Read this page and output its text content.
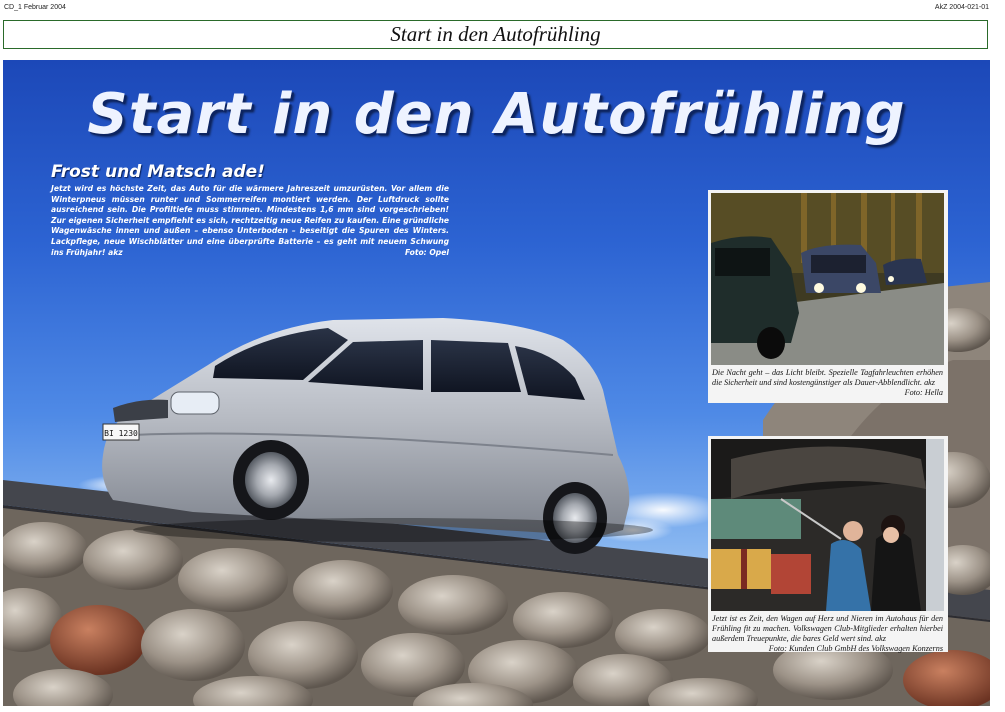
CD_1 Februar 2004	AkZ 2004-021-01
Start in den Autofrühling
BI 1230
Start in den Autofrühling
Frost und Matsch ade!
Jetzt wird es höchste Zeit, das Auto für die wärmere Jahreszeit umzurüsten. Vor allem die Winterpneus müssen runter und Sommerreifen montiert werden. Der Luftdruck sollte ausreichend sein. Die Profiltiefe muss stimmen. Mindestens 1,6 mm sind vorgeschrieben! Zur eigenen Sicherheit empfiehlt es sich, rechtzeitig neue Reifen zu kaufen. Eine gründliche Wagenwäsche innen und außen – ebenso Unterboden – beseitigt die Spuren des Winters. Lackpflege, neue Wischblätter und eine überprüfte Batterie – es geht mit neuem Schwung ins Frühjahr! akz	Foto: Opel
Die Nacht geht – das Licht bleibt. Spezielle Tagfahrleuchten erhöhen die Sicherheit und sind kostengünstiger als Dauer-Abblendlicht. akz
Foto: Hella
Jetzt ist es Zeit, den Wagen auf Herz und Nieren im Autohaus für den Frühling fit zu machen. Volkswagen Club-Mitglieder erhalten hierbei außerdem Treuepunkte, die bares Geld wert sind. akz
Foto: Kunden Club GmbH des Volkswagen Konzerns
